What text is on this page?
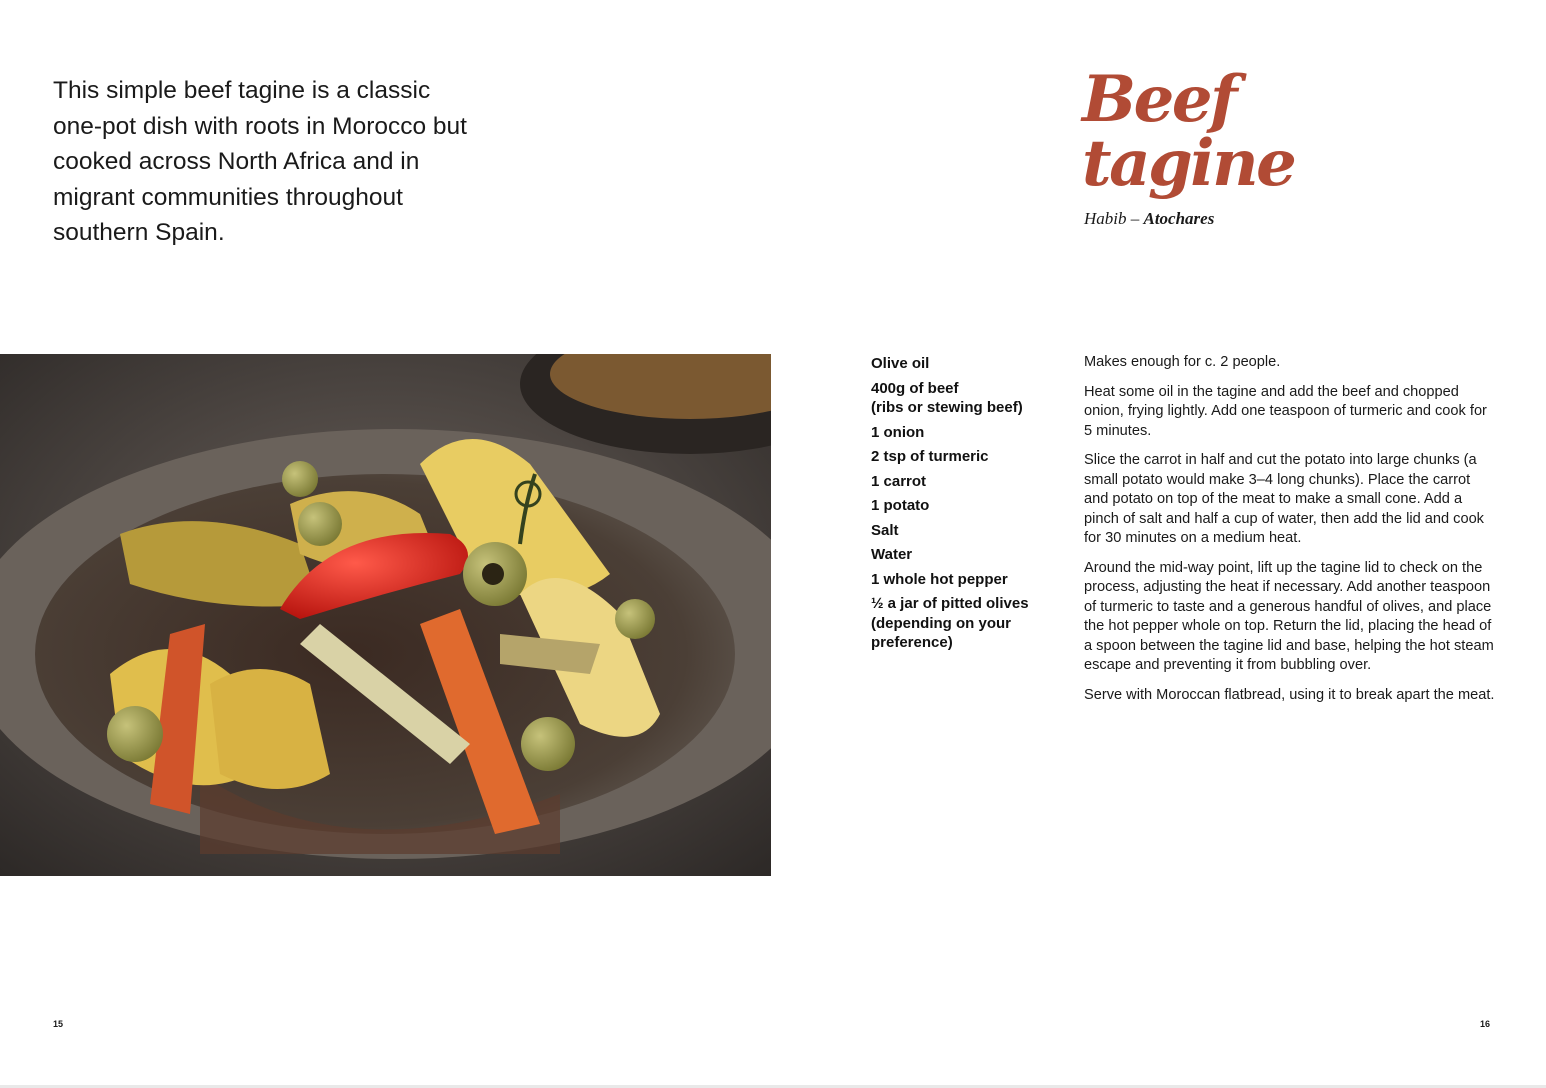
This simple beef tagine is a classic one-pot dish with roots in Morocco but cooked across North Africa and in migrant communities throughout southern Spain.

Beef
tagine
Habib – Atochares
Olive oil
400g of beef
(ribs or stewing beef)
1 onion
2 tsp of turmeric
1 carrot
1 potato
Salt
Water
1 whole hot pepper
½ a jar of pitted olives
(depending on your
preference)

Makes enough for c. 2 people.

Heat some oil in the tagine and add the beef and chopped onion, frying lightly. Add one teaspoon of turmeric and cook for 5 minutes.

Slice the carrot in half and cut the potato into large chunks (a small potato would make 3–4 long chunks). Place the carrot and potato on top of the meat to make a small cone. Add a pinch of salt and half a cup of water, then add the lid and cook for 30 minutes on a medium heat.

Around the mid-way point, lift up the tagine lid to check on the process, adjusting the heat if necessary. Add another teaspoon of turmeric to taste and a generous handful of olives, and place the hot pepper whole on top. Return the lid, placing the head of a spoon between the tagine lid and base, helping the hot steam escape and preventing it from bubbling over.

Serve with Moroccan flatbread, using it to break apart the meat.

15	16
